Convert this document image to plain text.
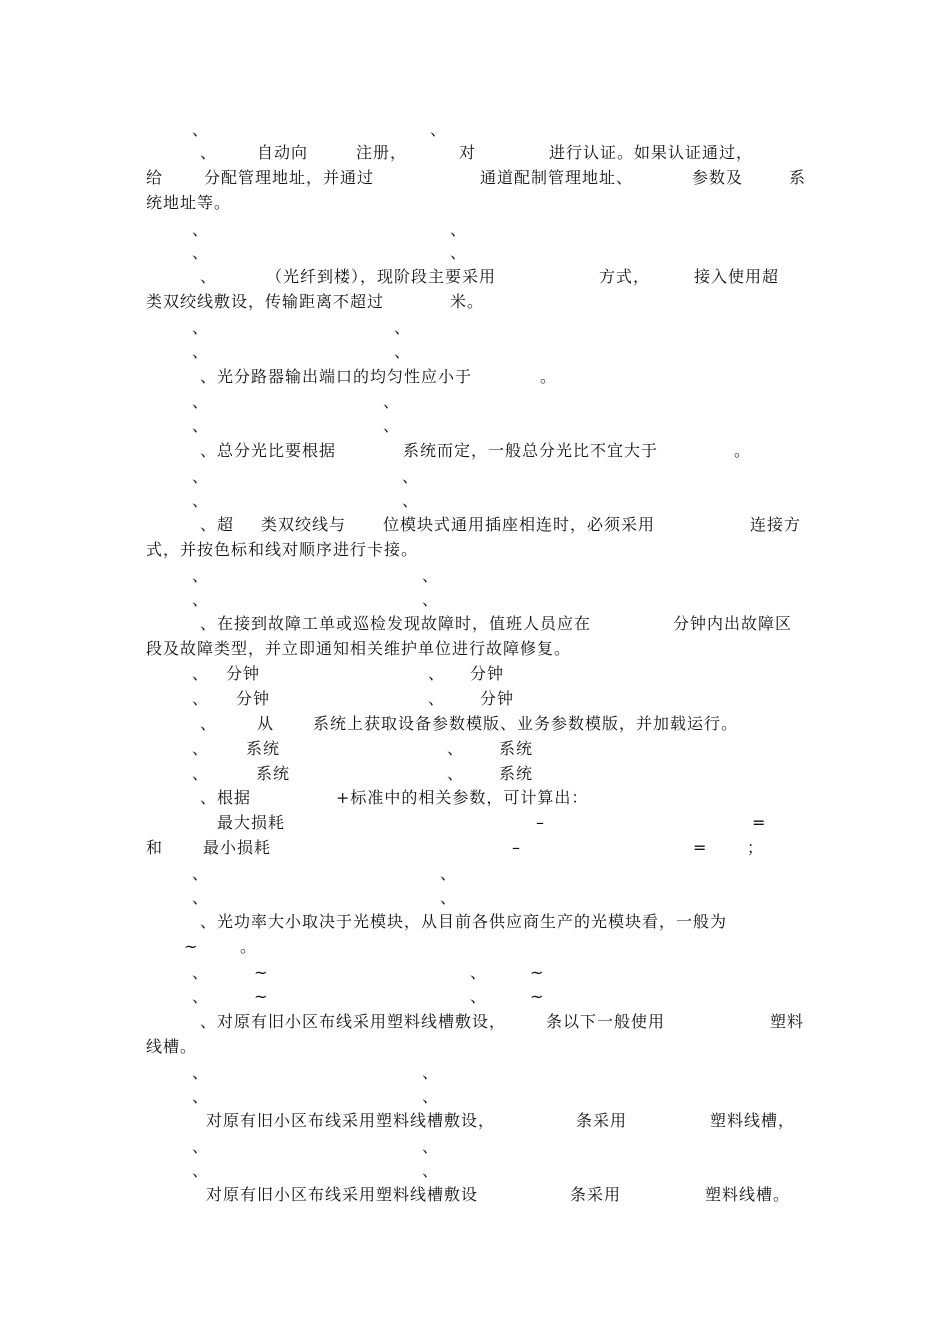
、	、
、 自动向	注册，	对	进行认证。如果认证通过，
给	分配管理地址，并通过	通道配制管理地址、	参数及	系
统地址等。
、	、
、	、
、	（光纤到楼），现阶段主要采用	方式，	接入使用超
类双绞线敷设，传输距离不超过	米。
、	、
、	、
、光分路器输出端口的均匀性应小于	。
、	、
、	、
、总分光比要根据	系统而定，一般总分光比不宜大于	。
、	、
、	、
、超 类双绞线与 位模块式通用插座相连时，必须采用	连接方
式，并按色标和线对顺序进行卡接。
、	、
、	、
、在接到故障工单或巡检发现故障时，值班人员应在	分钟内出故障区
段及故障类型，并立即通知相关维护单位进行故障修复。
、 分钟	、 分钟
、 分钟	、 分钟
、 从 系统上获取设备参数模版、业务参数模版，并加载运行。
、 系统	、 系统
、	系统	、 系统
、根据	+标准中的相关参数，可计算出：
最大损耗	–	=
和 最小损耗	–	= ；
、	、
、	、
、光功率大小取决于光模块，从目前各供应商生产的光模块看，一般为
~	。
、	~	、	~
、	~	、	~
、对原有旧小区布线采用塑料线槽敷设， 条以下一般使用	塑料
线槽。
、	、
、	、
对原有旧小区布线采用塑料线槽敷设，	条采用	塑料线槽，
、	、
、	、
对原有旧小区布线采用塑料线槽敷设	条采用	塑料线槽。
